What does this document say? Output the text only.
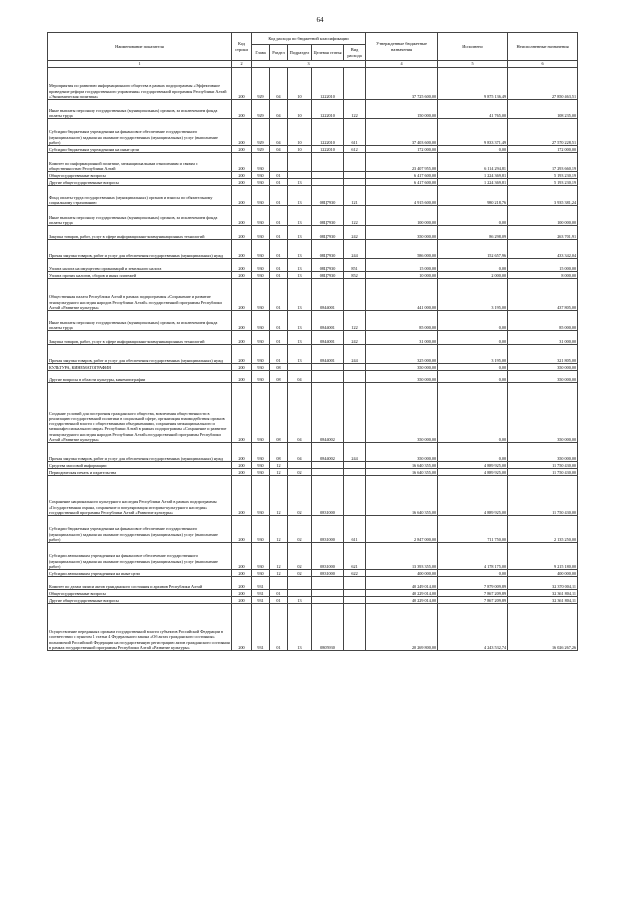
64
Наименование показателя	Код строки	Код расхода по бюджетной классификации					Утвержденные бюджетные назначения	Исполнено	Неисполненные назначения
		Глава	Раздел	Подраздел	Целевая статья	Вид расхода			
1	2	3					4	5	6
Мероприятия по развитию информационного общества в рамках подпрограммы «Эффективное проведение реформ государственного управления» государственной программы Республики Алтай «Экономическая политика»	200	929	04	10	1222010		37 725 600,00	9 875 136,49	27 850 463,51
Иные выплаты персоналу государственных (муниципальных) органов, за исключением фонда оплаты труда	200	929	04	10	1222010	122	150 000,00	41 765,00	108 235,00
Субсидии бюджетным учреждениям на финансовое обеспечение государственного (муниципального) задания на оказание государственных (муниципальных) услуг (выполнение работ)	200	929	04	10	1222010	611	37 403 600,00	9 833 371,49	27 570 228,51
Субсидии бюджетным учреждениям на иные цели	200	929	04	10	1222010	612	172 000,00	0,00	172 000,00
Комитет по информационной политике, межнациональным отношениям и связям с общественностью Республики Алтай	200	930					23 407 955,00	6 114 294,81	17 293 660,19
Общегосударственные вопросы	200	930	01				6 417 600,00	1 224 369,81	5 193 230,19
Другие общегосударственные вопросы	200	930	01	13			6 417 600,00	1 224 369,81	5 193 230,19
Фонд оплаты труда государственных (муниципальных) органов и взносы по обязательному социальному страхованию	200	930	01	13	08Ц7930	121	4 915 600,00	980 218,76	3 935 381,24
Иные выплаты персоналу государственных (муниципальных) органов, за исключением фонда оплаты труда	200	930	01	13	08Ц7930	122	100 000,00	0,00	100 000,00
Закупка товаров, работ, услуг в сфере информационно-коммуникационных технологий	200	930	01	13	08Ц7930	242	350 000,00	86 298,09	263 701,91
Прочая закупка товаров, работ и услуг для обеспечения государственных (муниципальных) нужд	200	930	01	13	08Ц7930	244	586 000,00	152 657,96	433 342,04
Уплата налога на имущество организаций и земельного налога	200	930	01	13	08Ц7930	851	15 000,00	0,00	15 000,00
Уплата прочих налогов, сборов и иных платежей	200	930	01	13	08Ц7930	852	10 000,00	2 000,00	8 000,00
Общественная палата Республики Алтай в рамках подпрограммы «Сохранение и развитие этнокультурного наследия народов Республики Алтай» государственной программы Республики Алтай «Развитие культуры»	200	930	01	13	0844001		441 000,00	3 195,00	437 805,00
Иные выплаты персоналу государственных (муниципальных) органов, за исключением фонда оплаты труда	200	930	01	13	0844001	122	85 000,00	0,00	85 000,00
Закупка товаров, работ, услуг в сфере информационно-коммуникационных технологий	200	930	01	13	0844001	242	31 000,00	0,00	31 000,00
Прочая закупка товаров, работ и услуг для обеспечения государственных (муниципальных) нужд	200	930	01	13	0844001	244	325 000,00	3 195,00	321 805,00
КУЛЬТУРА, КИНЕМАТОГРАФИЯ	200	930	08				350 000,00	0,00	350 000,00
Другие вопросы в области культуры, кинематографии	200	930	08	04			350 000,00	0,00	350 000,00
Создание условий для построения гражданского общества, вовлечения общественности в реализацию государственной политики в социальной сфере, организация взаимодействия органов государственной власти с общественными объединениями, сохранения межнационального и межконфессионального мира» Республики Алтай в рамках подпрограммы «Сохранение и развитие этнокультурного наследия народов Республики Алтай»государственной программы Республики Алтай «Развитие культуры»	200	930	08	04	0844002		350 000,00	0,00	350 000,00
Прочая закупка товаров, работ и услуг для обеспечения государственных (муниципальных) нужд	200	930	08	04	0844002	244	350 000,00	0,00	350 000,00
Средства массовой информации	200	930	12				16 640 355,00	4 889 925,00	11 750 430,00
Периодическая печать и издательства	200	930	12	02			16 640 355,00	4 889 925,00	11 750 430,00
Сохранение национального культурного наследия Республики Алтай в рамках подпрограммы «Государственная охрана, сохранение и популяризация историко-культурного наследия» государственной программы Республики Алтай «Развитие культуры»	200	930	12	02	0831000		16 640 355,00	4 889 925,00	11 750 430,00
Субсидии бюджетным учреждениям на финансовое обеспечение государственного (муниципального) задания на оказание государственных (муниципальных) услуг (выполнение работ)	200	930	12	02	0831000	611	2 847 000,00	711 750,00	2 135 250,00
Субсидии автономным учреждениям на финансовое обеспечение государственного (муниципального) задания на оказание государственных (муниципальных) услуг (выполнение работ)	200	930	12	02	0831000	621	13 393 355,00	4 178 175,00	9 215 180,00
Субсидии автономным учреждениям на иные цели	200	930	12	02	0831000	622	400 000,00	0,00	400 000,00
Комитет по делам записи актов гражданского состояния и архивов Республики Алтай	200	931					40 249 014,00	7 879 009,89	32 370 004,11
Общегосударственные вопросы	200	931	01				40 229 014,00	7 867 209,89	32 361 804,11
Другие общегосударственные вопросы	200	931	01	13			40 229 014,00	7 867 209,89	32 361 804,11
Осуществление переданных органам государственной власти субъектов Российской Федерации в соответствии с пунктом 1 статьи 4 Федерального закона «Об актах гражданского состояния» полномочий Российской Федерации на государственную регистрацию актов гражданского состояния в рамках государственной программы Республики Алтай «Развитие культуры»	200	931	01	13	0805930		20 269 800,00	4 243 532,74	16 026 267,26
